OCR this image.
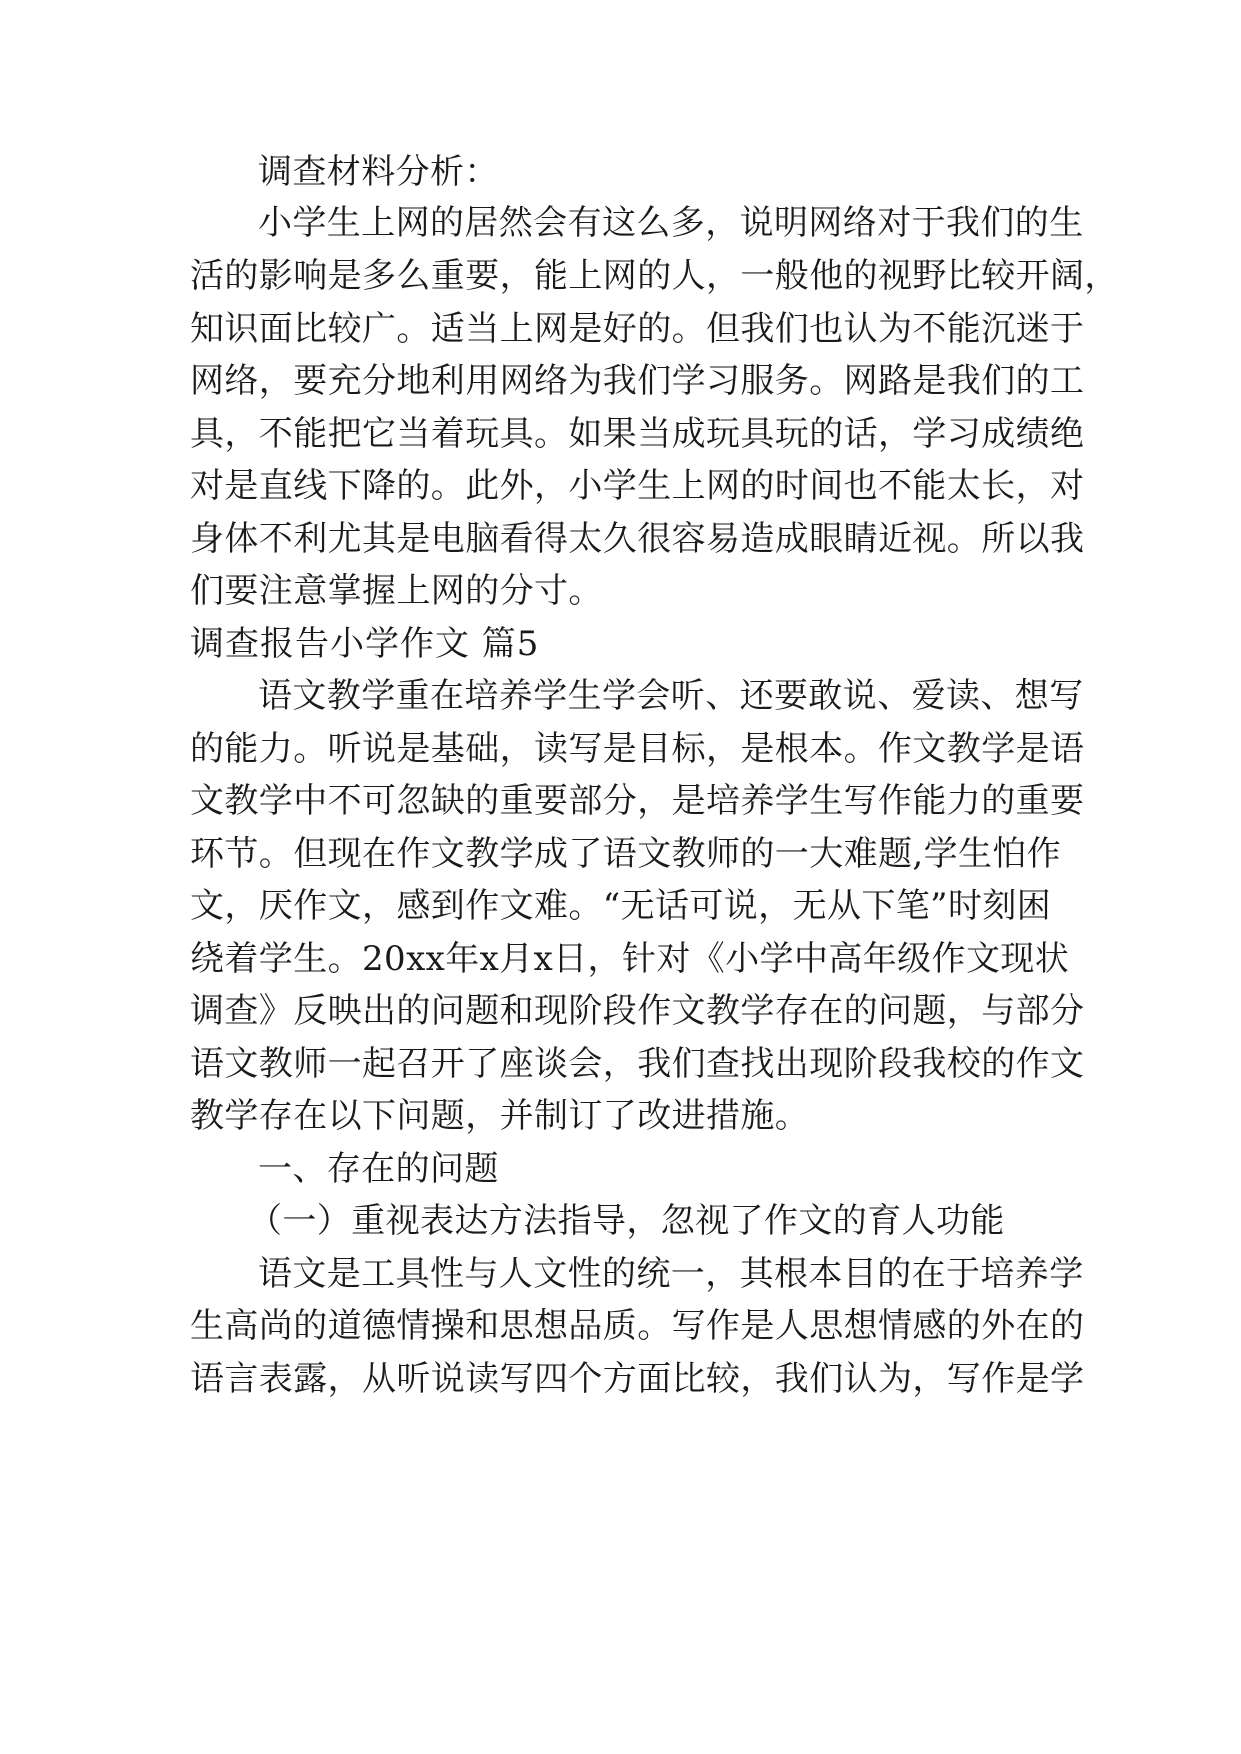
调查材料分析：
小学生上网的居然会有这么多，说明网络对于我们的生
活的影响是多么重要，能上网的人，一般他的视野比较开阔，
知识面比较广。适当上网是好的。但我们也认为不能沉迷于
网络，要充分地利用网络为我们学习服务。网路是我们的工
具，不能把它当着玩具。如果当成玩具玩的话，学习成绩绝
对是直线下降的。此外，小学生上网的时间也不能太长，对
身体不利尤其是电脑看得太久很容易造成眼睛近视。所以我
们要注意掌握上网的分寸。
调查报告小学作文 篇5
语文教学重在培养学生学会听、还要敢说、爱读、想写
的能力。听说是基础，读写是目标，是根本。作文教学是语
文教学中不可忽缺的重要部分，是培养学生写作能力的重要
环节。但现在作文教学成了语文教师的一大难题,学生怕作
文，厌作文，感到作文难。“无话可说，无从下笔”时刻困
绕着学生。20xx年x月x日，针对《小学中高年级作文现状
调查》反映出的问题和现阶段作文教学存在的问题，与部分
语文教师一起召开了座谈会，我们查找出现阶段我校的作文
教学存在以下问题，并制订了改进措施。
一、存在的问题
（一）重视表达方法指导，忽视了作文的育人功能
语文是工具性与人文性的统一，其根本目的在于培养学
生高尚的道德情操和思想品质。写作是人思想情感的外在的
语言表露，从听说读写四个方面比较，我们认为，写作是学
